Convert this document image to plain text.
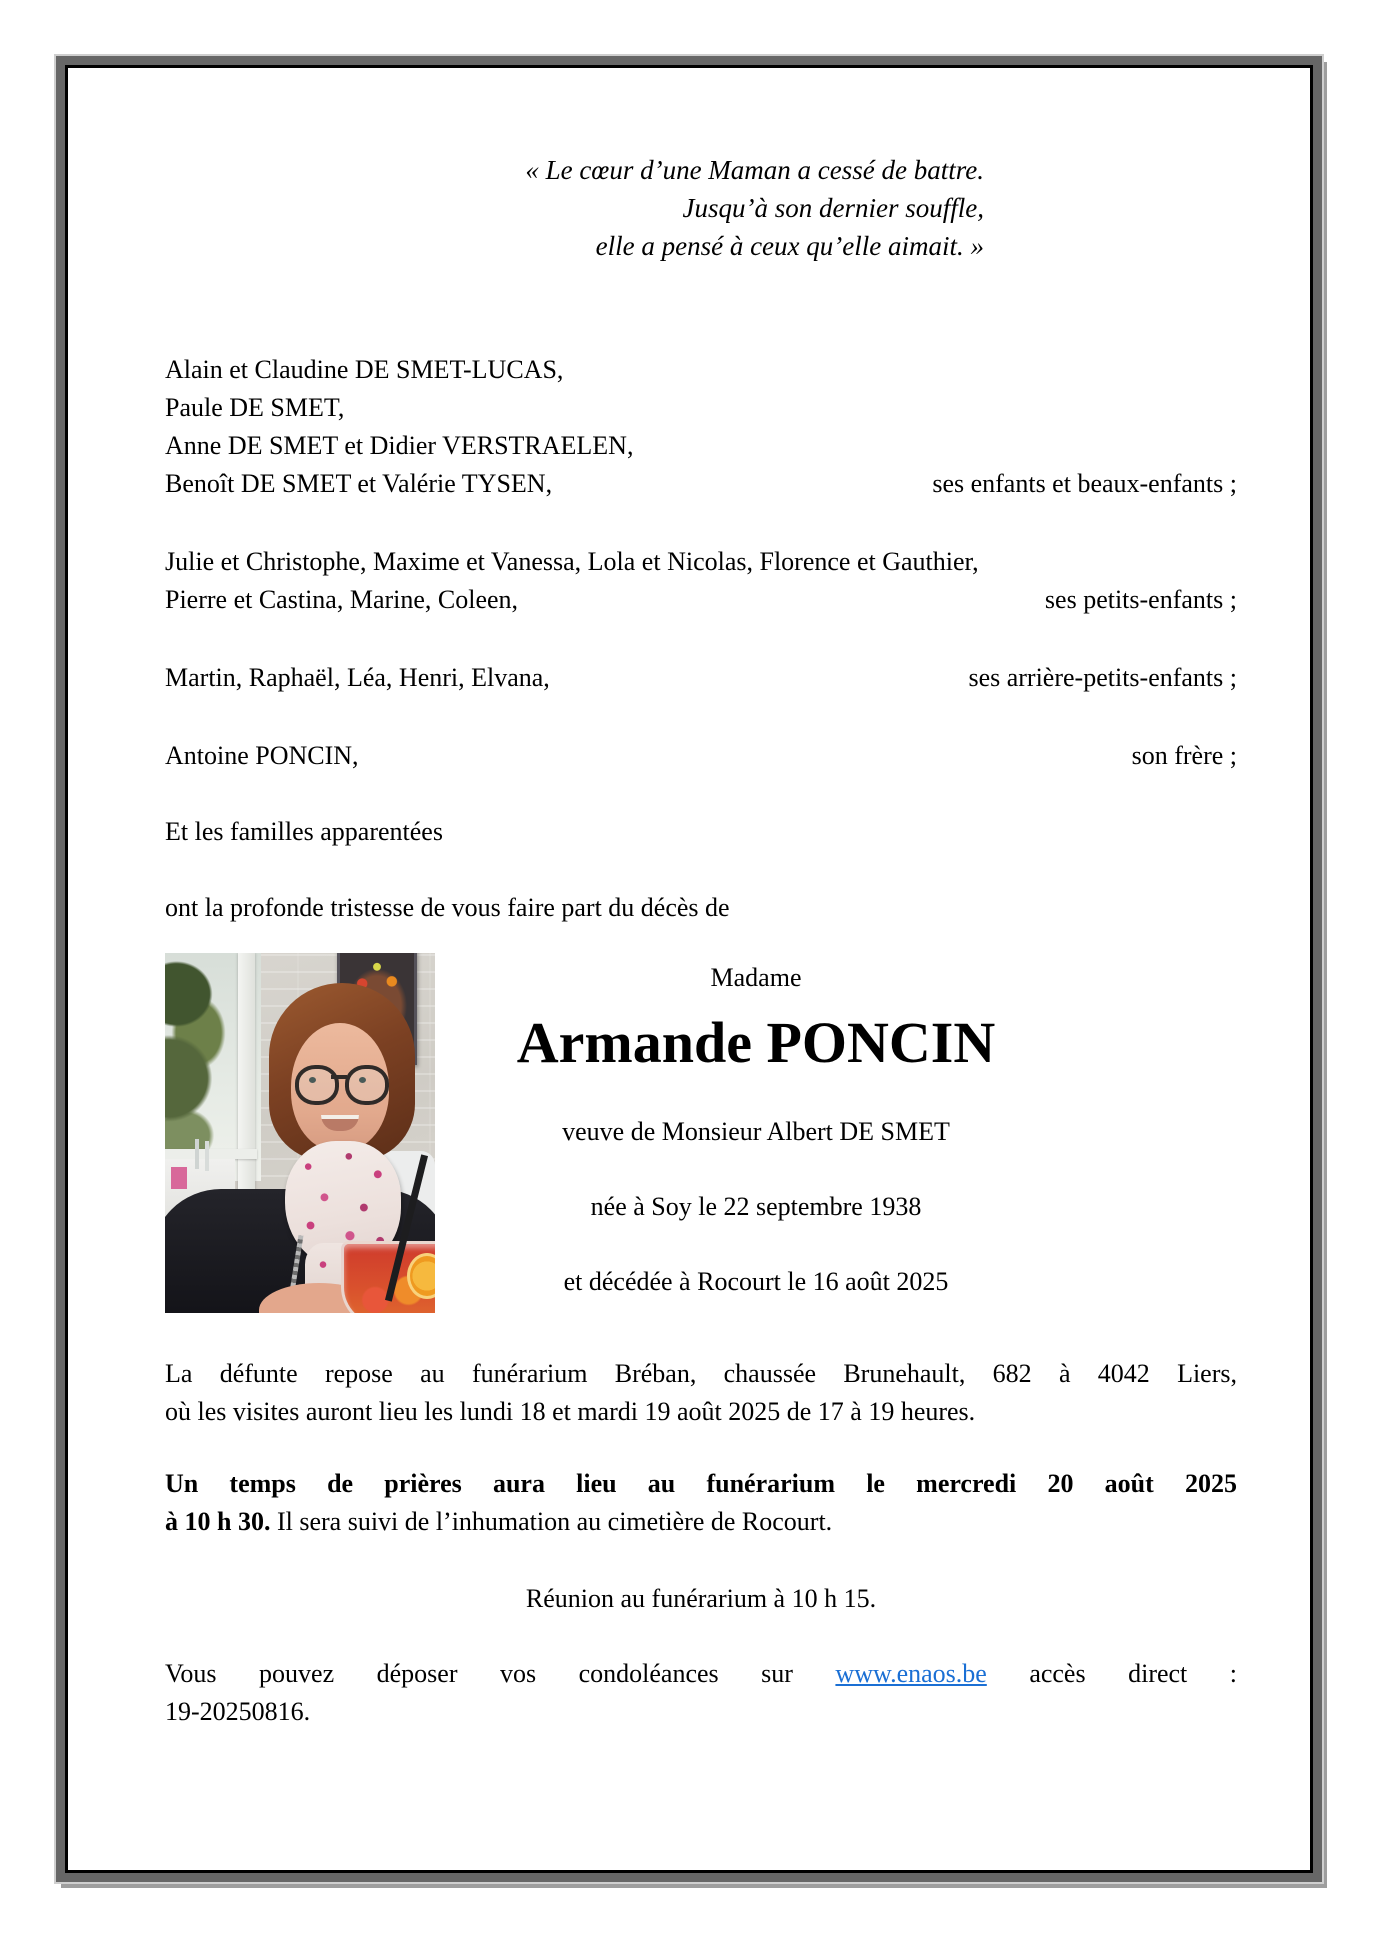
« Le cœur d’une Maman a cessé de battre.
Jusqu’à son dernier souffle,
elle a pensé à ceux qu’elle aimait. »
Alain et Claudine DE SMET-LUCAS,
Paule DE SMET,
Anne DE SMET et Didier VERSTRAELEN,
Benoît DE SMET et Valérie TYSEN,	ses enfants et beaux-enfants ;
Julie et Christophe, Maxime et Vanessa, Lola et Nicolas, Florence et Gauthier,
Pierre et Castina, Marine, Coleen,	ses petits-enfants ;
Martin, Raphaël, Léa, Henri, Elvana,	ses arrière-petits-enfants ;
Antoine PONCIN,	son frère ;

Et les familles apparentées

ont la profonde tristesse de vous faire part du décès de

Madame
Armande PONCIN
veuve de Monsieur Albert DE SMET
née à Soy le 22 septembre 1938
et décédée à Rocourt le 16 août 2025
La défunte repose au funérarium Bréban, chaussée Brunehault, 682 à 4042 Liers,
où les visites auront lieu les lundi 18 et mardi 19 août 2025 de 17 à 19 heures.
Un temps de prières aura lieu au funérarium le mercredi 20 août 2025
à 10 h 30. Il sera suivi de l’inhumation au cimetière de Rocourt.

Réunion au funérarium à 10 h 15.

Vous pouvez déposer vos condoléances sur www.enaos.be accès direct :
19-20250816.
